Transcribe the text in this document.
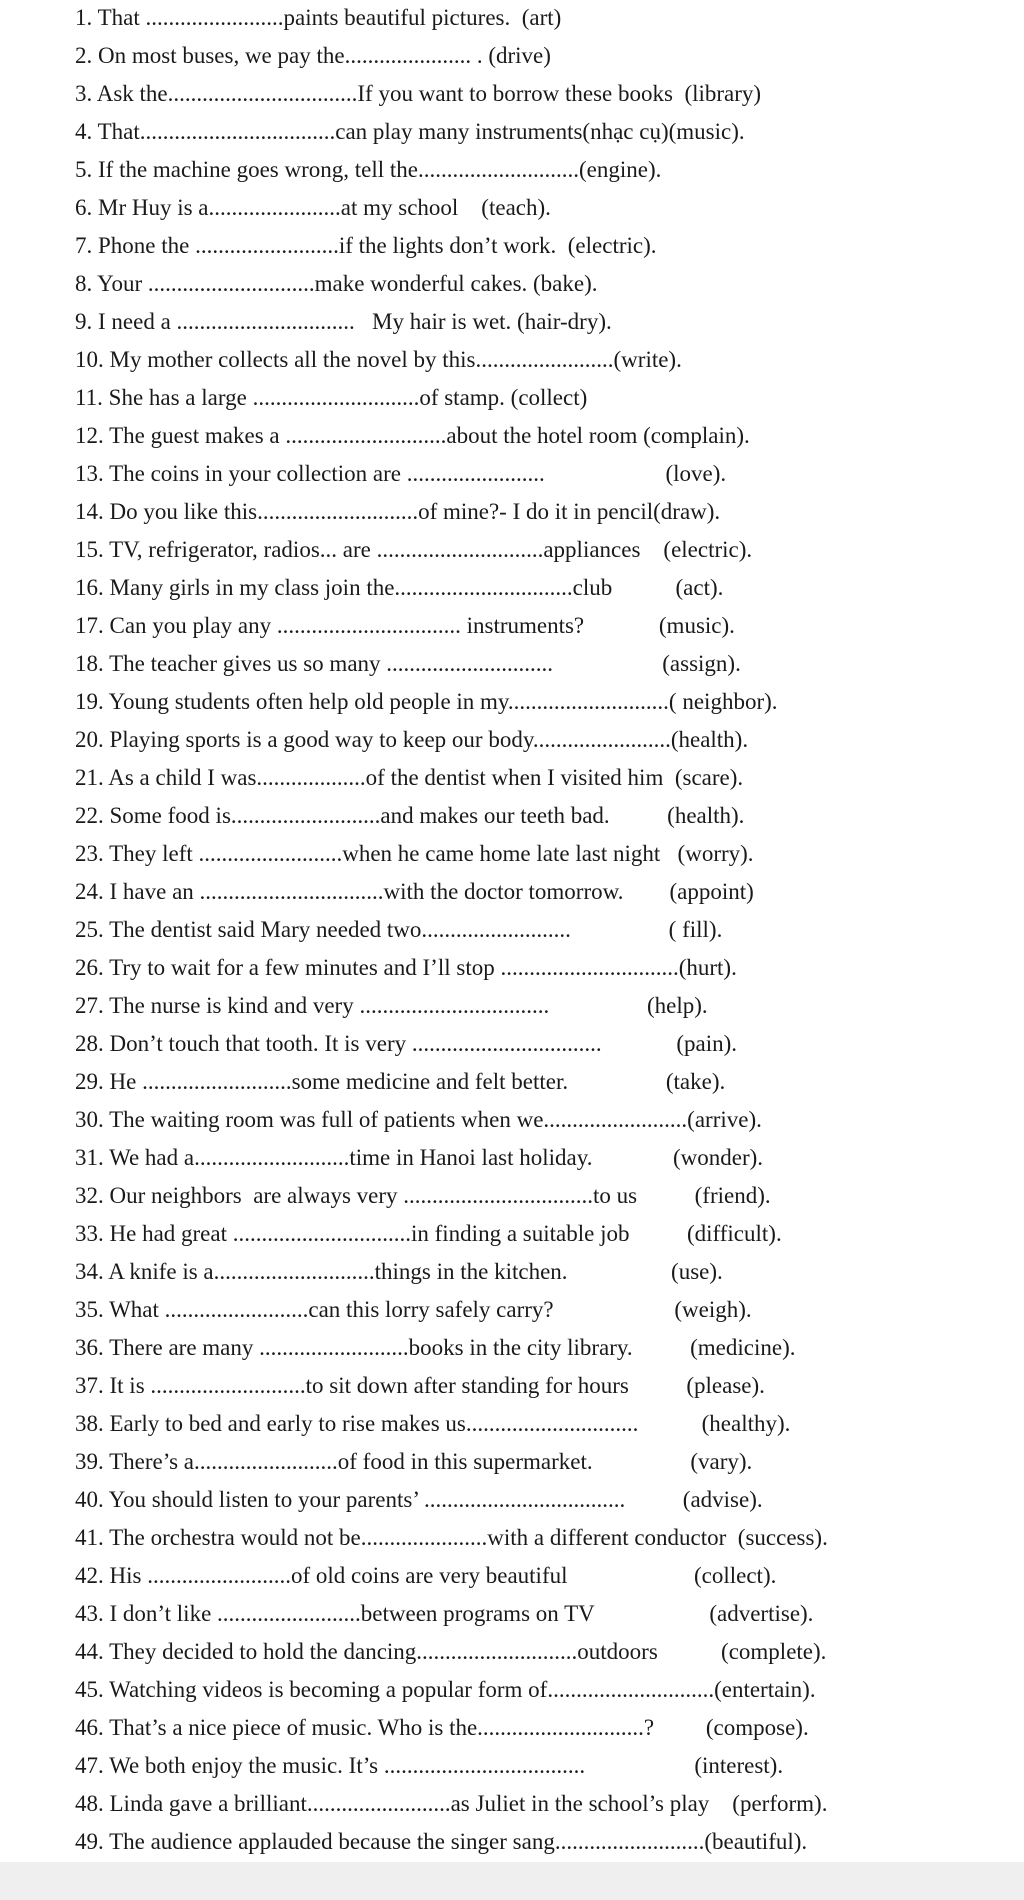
1. That ........................paints beautiful pictures.  (art)
2. On most buses, we pay the...................... . (drive)
3. Ask the.................................If you want to borrow these books  (library)
4. That..................................can play many instruments(nhạc cụ)(music).
5. If the machine goes wrong, tell the............................(engine).
6. Mr Huy is a.......................at my school    (teach).
7. Phone the .........................if the lights don’t work.  (electric).
8. Your .............................make wonderful cakes. (bake).
9. I need a ...............................   My hair is wet. (hair-dry).
10. My mother collects all the novel by this........................(write).
11. She has a large .............................of stamp. (collect)
12. The guest makes a ............................about the hotel room (complain).
13. The coins in your collection are ........................                     (love).
14. Do you like this............................of mine?- I do it in pencil(draw).
15. TV, refrigerator, radios... are .............................appliances    (electric).
16. Many girls in my class join the...............................club           (act).
17. Can you play any ................................ instruments?             (music).
18. The teacher gives us so many .............................                   (assign).
19. Young students often help old people in my............................( neighbor).
20. Playing sports is a good way to keep our body........................(health).
21. As a child I was...................of the dentist when I visited him  (scare).
22. Some food is..........................and makes our teeth bad.          (health).
23. They left .........................when he came home late last night   (worry).
24. I have an ................................with the doctor tomorrow.        (appoint)
25. The dentist said Mary needed two..........................                 ( fill).
26. Try to wait for a few minutes and I’ll stop ...............................(hurt).
27. The nurse is kind and very .................................                 (help).
28. Don’t touch that tooth. It is very .................................             (pain).
29. He ..........................some medicine and felt better.                 (take).
30. The waiting room was full of patients when we.........................(arrive).
31. We had a...........................time in Hanoi last holiday.              (wonder).
32. Our neighbors  are always very .................................to us          (friend).
33. He had great ...............................in finding a suitable job          (difficult).
34. A knife is a............................things in the kitchen.                  (use).
35. What .........................can this lorry safely carry?                     (weigh).
36. There are many ..........................books in the city library.          (medicine).
37. It is ...........................to sit down after standing for hours          (please).
38. Early to bed and early to rise makes us..............................           (healthy).
39. There’s a.........................of food in this supermarket.                 (vary).
40. You should listen to your parents’ ...................................          (advise).
41. The orchestra would not be......................with a different conductor  (success).
42. His .........................of old coins are very beautiful                      (collect).
43. I don’t like .........................between programs on TV                    (advertise).
44. They decided to hold the dancing............................outdoors           (complete).
45. Watching videos is becoming a popular form of.............................(entertain).
46. That’s a nice piece of music. Who is the.............................?         (compose).
47. We both enjoy the music. It’s ...................................                   (interest).
48. Linda gave a brilliant.........................as Juliet in the school’s play    (perform).
49. The audience applauded because the singer sang..........................(beautiful).
